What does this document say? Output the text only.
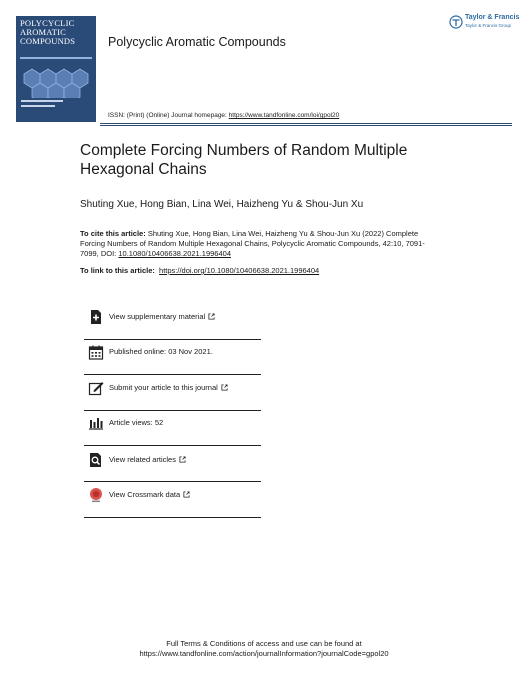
POLYCYCLIC
AROMATIC
COMPOUNDS	Polycyclic Aromatic Compounds
Taylor & Francis
Taylor & Francis Group
ISSN: (Print) (Online) Journal homepage: https://www.tandfonline.com/loi/gpol20
Complete Forcing Numbers of Random Multiple Hexagonal Chains
Shuting Xue, Hong Bian, Lina Wei, Haizheng Yu & Shou-Jun Xu
To cite this article: Shuting Xue, Hong Bian, Lina Wei, Haizheng Yu & Shou-Jun Xu (2022) Complete Forcing Numbers of Random Multiple Hexagonal Chains, Polycyclic Aromatic Compounds, 42:10, 7091-7099, DOI: 10.1080/10406638.2021.1996404
To link to this article: https://doi.org/10.1080/10406638.2021.1996404
View supplementary material
Published online: 03 Nov 2021.
Submit your article to this journal
Article views: 52
View related articles
View Crossmark data
Full Terms & Conditions of access and use can be found at
https://www.tandfonline.com/action/journalInformation?journalCode=gpol20
